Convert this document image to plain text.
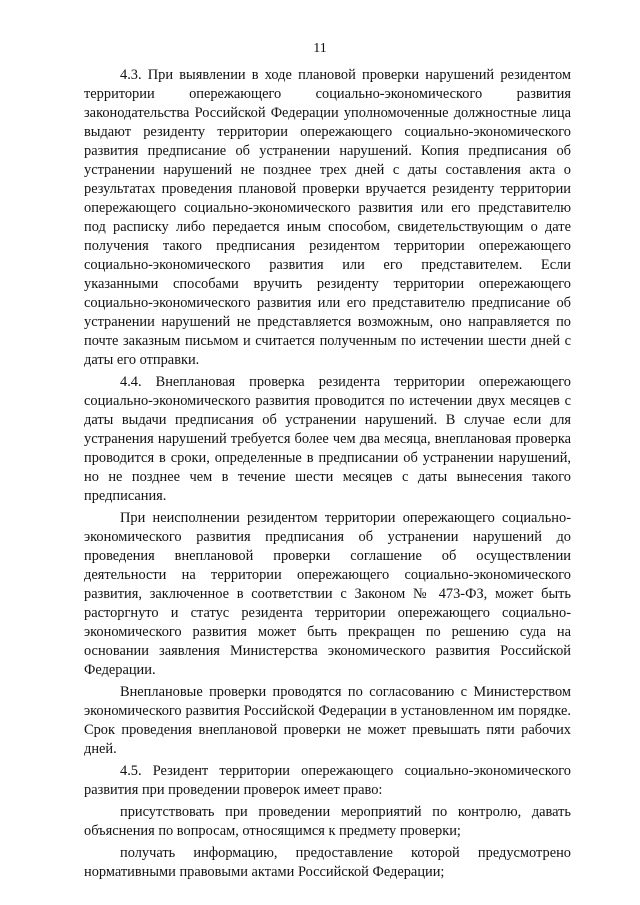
11

4.3. При выявлении в ходе плановой проверки нарушений резидентом территории опережающего социально-экономического развития законодательства Российской Федерации уполномоченные должностные лица выдают резиденту территории опережающего социально-экономического развития предписание об устранении нарушений. Копия предписания об устранении нарушений не позднее трех дней с даты составления акта о результатах проведения плановой проверки вручается резиденту территории опережающего социально-экономического развития или его представителю под расписку либо передается иным способом, свидетельствующим о дате получения такого предписания резидентом территории опережающего социально-экономического развития или его представителем. Если указанными способами вручить резиденту территории опережающего социально-экономического развития или его представителю предписание об устранении нарушений не представляется возможным, оно направляется по почте заказным письмом и считается полученным по истечении шести дней с даты его отправки.

4.4. Внеплановая проверка резидента территории опережающего социально-экономического развития проводится по истечении двух месяцев с даты выдачи предписания об устранении нарушений. В случае если для устранения нарушений требуется более чем два месяца, внеплановая проверка проводится в сроки, определенные в предписании об устранении нарушений, но не позднее чем в течение шести месяцев с даты вынесения такого предписания.

При неисполнении резидентом территории опережающего социально-экономического развития предписания об устранении нарушений до проведения внеплановой проверки соглашение об осуществлении деятельности на территории опережающего социально-экономического развития, заключенное в соответствии с Законом № 473-ФЗ, может быть расторгнуто и статус резидента территории опережающего социально-экономического развития может быть прекращен по решению суда на основании заявления Министерства экономического развития Российской Федерации.

Внеплановые проверки проводятся по согласованию с Министерством экономического развития Российской Федерации в установленном им порядке. Срок проведения внеплановой проверки не может превышать пяти рабочих дней.

4.5. Резидент территории опережающего социально-экономического развития при проведении проверок имеет право:

присутствовать при проведении мероприятий по контролю, давать объяснения по вопросам, относящимся к предмету проверки;

получать информацию, предоставление которой предусмотрено нормативными правовыми актами Российской Федерации;
